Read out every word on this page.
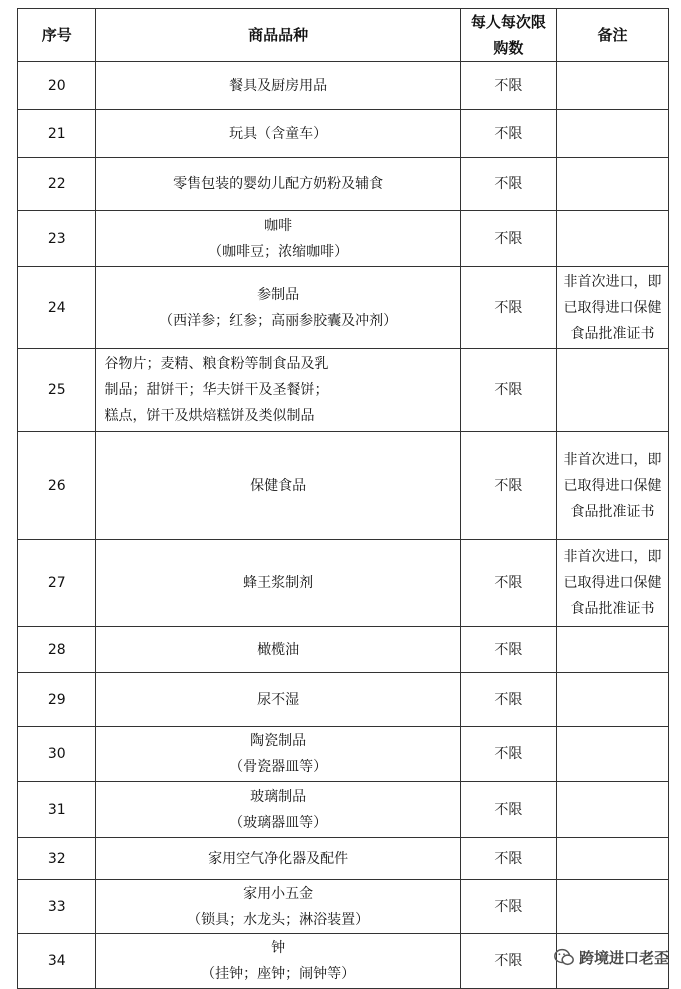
序号	商品品种	每人每次限购数	备注
20	餐具及厨房用品	不限	
21	玩具（含童车）	不限	
22	零售包装的婴幼儿配方奶粉及辅食	不限	
23	咖啡
（咖啡豆；浓缩咖啡）	不限	
24	参制品
（西洋参；红参；高丽参胶囊及冲剂）	不限	非首次进口，即
已取得进口保健
食品批准证书

25	谷物片；麦精、粮食粉等制食品及乳
制品；甜饼干；华夫饼干及圣餐饼；
糕点，饼干及烘焙糕饼及类似制品	不限	
26	保健食品	不限	非首次进口，即
已取得进口保健
食品批准证书

27	蜂王浆制剂	不限	非首次进口，即
已取得进口保健
食品批准证书

28	橄榄油	不限	
29	尿不湿	不限	
30	陶瓷制品
（骨瓷器皿等）	不限	
31	玻璃制品
（玻璃器皿等）	不限	
32	家用空气净化器及配件	不限	
33	家用小五金
（锁具；水龙头；淋浴装置）	不限	
34	钟
（挂钟；座钟；闹钟等）	不限		跨境进口老歪
